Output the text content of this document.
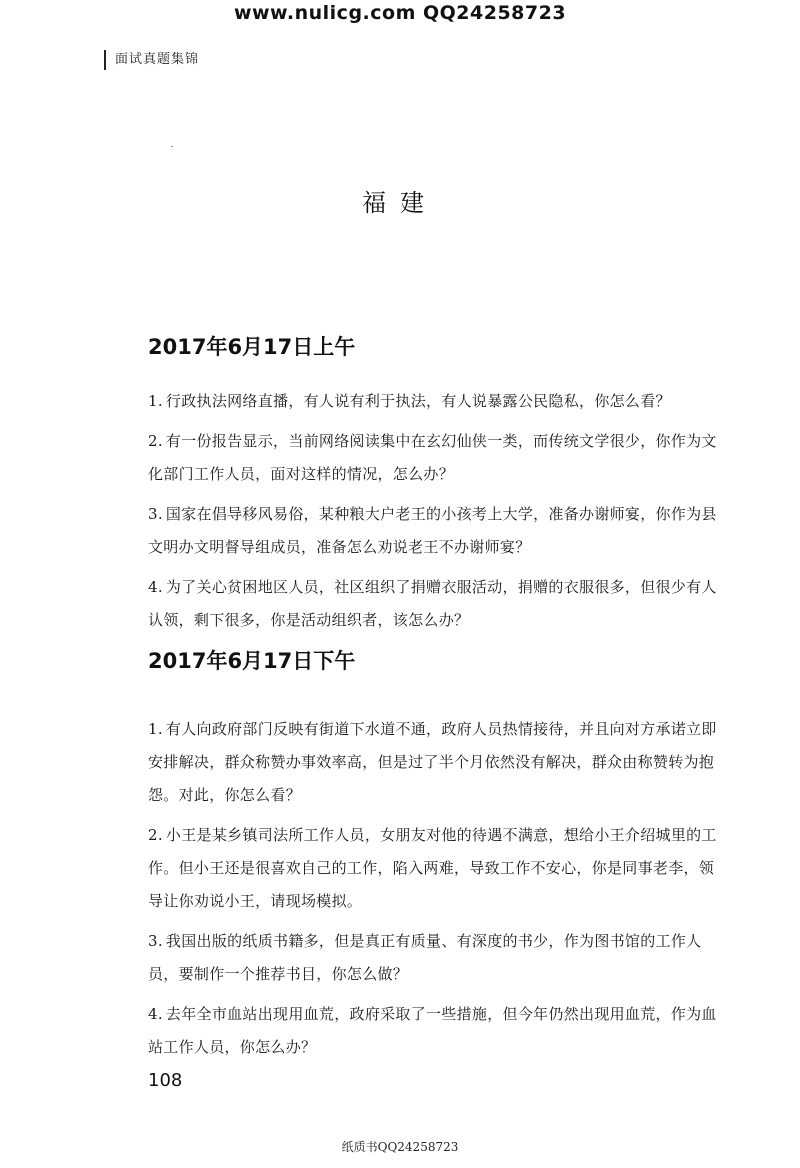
www.nulicg.com QQ24258723
面试真题集锦
福建
2017年6月17日上午

1. 行政执法网络直播，有人说有利于执法，有人说暴露公民隐私，你怎么看？

2. 有一份报告显示，当前网络阅读集中在玄幻仙侠一类，而传统文学很少，你作为文化部门工作人员，面对这样的情况，怎么办？

3. 国家在倡导移风易俗，某种粮大户老王的小孩考上大学，准备办谢师宴，你作为县文明办文明督导组成员，准备怎么劝说老王不办谢师宴？

4. 为了关心贫困地区人员，社区组织了捐赠衣服活动，捐赠的衣服很多，但很少有人认领，剩下很多，你是活动组织者，该怎么办？

2017年6月17日下午

1. 有人向政府部门反映有街道下水道不通，政府人员热情接待，并且向对方承诺立即安排解决，群众称赞办事效率高，但是过了半个月依然没有解决，群众由称赞转为抱怨。对此，你怎么看？

2. 小王是某乡镇司法所工作人员，女朋友对他的待遇不满意，想给小王介绍城里的工作。但小王还是很喜欢自己的工作，陷入两难，导致工作不安心，你是同事老李，领导让你劝说小王，请现场模拟。

3. 我国出版的纸质书籍多，但是真正有质量、有深度的书少，作为图书馆的工作人员，要制作一个推荐书目，你怎么做？

4. 去年全市血站出现用血荒，政府采取了一些措施，但今年仍然出现用血荒，作为血站工作人员，你怎么办？

108
纸质书QQ24258723
